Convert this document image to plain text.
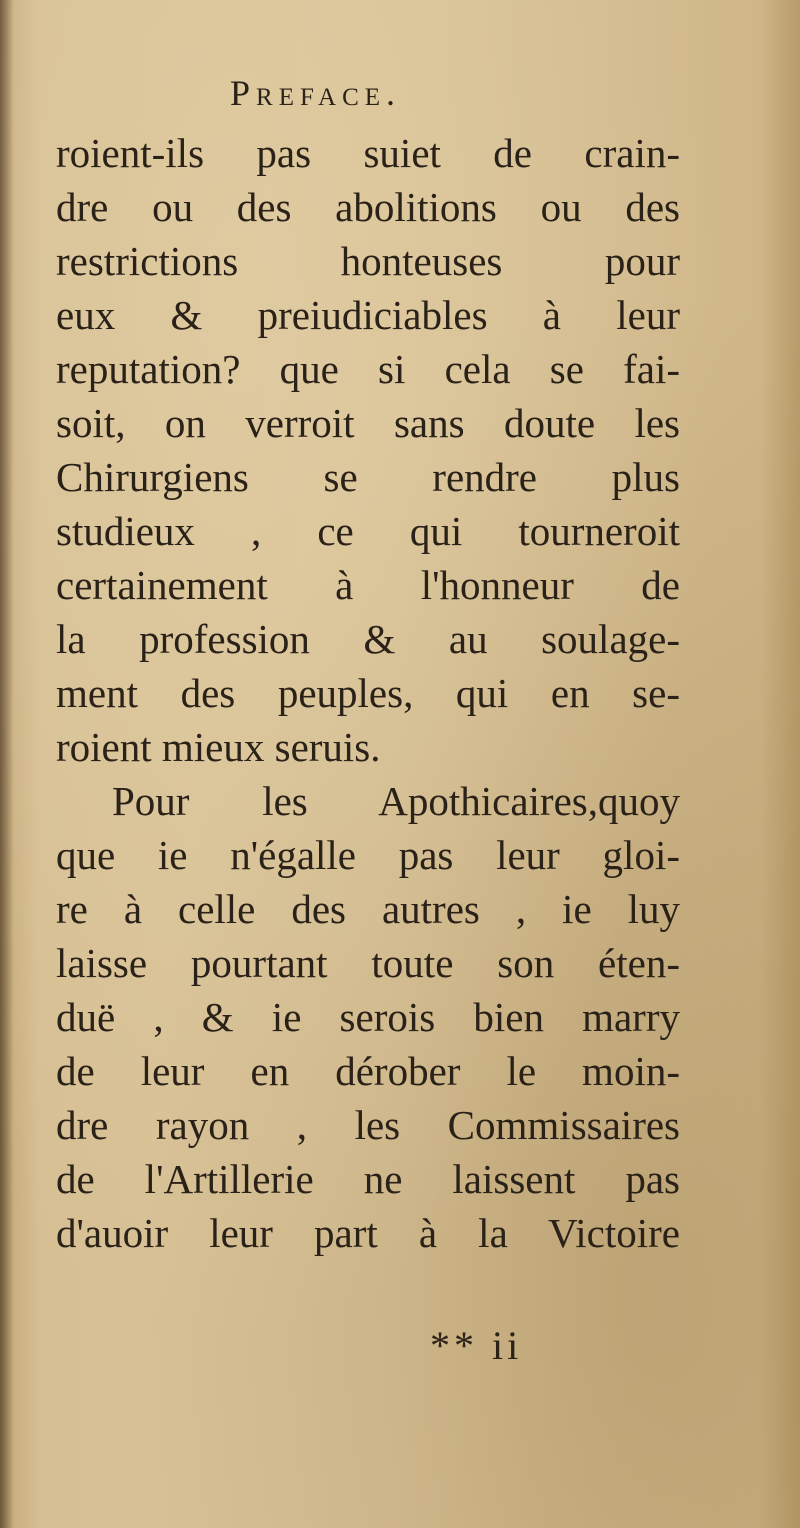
Preface.
roient-ils pas suiet de crain-
dre ou des abolitions ou des
restrictions honteuses pour
eux & preiudiciables à leur
reputation? que si cela se fai-
soit, on verroit sans doute les
Chirurgiens se rendre plus
studieux , ce qui tourneroit
certainement à l'honneur de
la profession & au soulage-
ment des peuples, qui en se-
roient mieux seruis.
Pour les Apothicaires,quoy
que ie n'égalle pas leur gloi-
re à celle des autres , ie luy
laisse pourtant toute son éten-
duë , & ie serois bien marry
de leur en dérober le moin-
dre rayon , les Commissaires
de l'Artillerie ne laissent pas
d'auoir leur part à la Victoire
** ii
